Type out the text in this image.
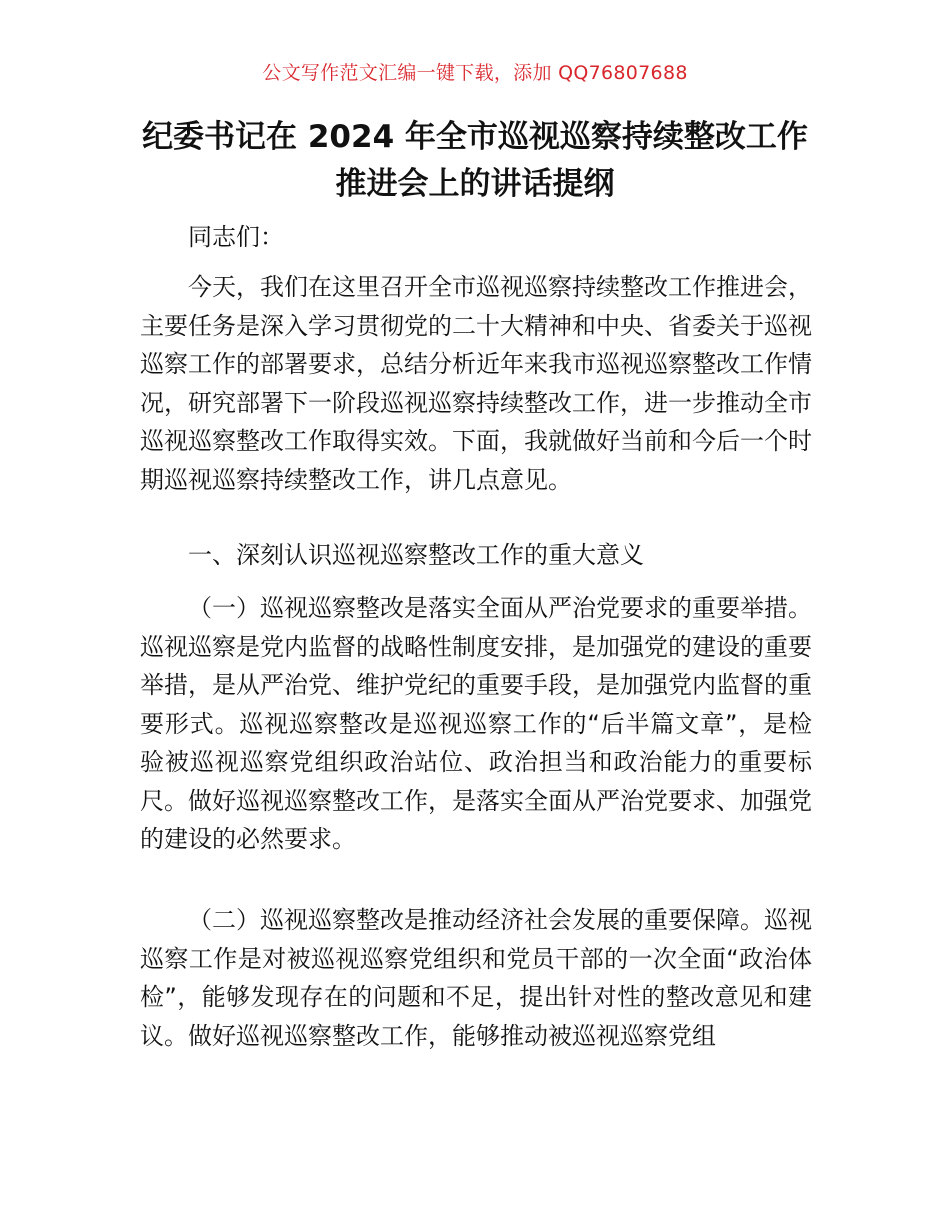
公文写作范文汇编一键下载，添加 QQ76807688
纪委书记在 2024 年全市巡视巡察持续整改工作
推进会上的讲话提纲

同志们：

今天，我们在这里召开全市巡视巡察持续整改工作推进会，主要任务是深入学习贯彻党的二十大精神和中央、省委关于巡视巡察工作的部署要求，总结分析近年来我市巡视巡察整改工作情况，研究部署下一阶段巡视巡察持续整改工作，进一步推动全市巡视巡察整改工作取得实效。下面，我就做好当前和今后一个时期巡视巡察持续整改工作，讲几点意见。

一、深刻认识巡视巡察整改工作的重大意义

（一）巡视巡察整改是落实全面从严治党要求的重要举措。巡视巡察是党内监督的战略性制度安排，是加强党的建设的重要举措，是从严治党、维护党纪的重要手段，是加强党内监督的重要形式。巡视巡察整改是巡视巡察工作的“后半篇文章”，是检验被巡视巡察党组织政治站位、政治担当和政治能力的重要标尺。做好巡视巡察整改工作，是落实全面从严治党要求、加强党的建设的必然要求。

（二）巡视巡察整改是推动经济社会发展的重要保障。巡视巡察工作是对被巡视巡察党组织和党员干部的一次全面“政治体检”，能够发现存在的问题和不足，提出针对性的整改意见和建议。做好巡视巡察整改工作，能够推动被巡视巡察党组
